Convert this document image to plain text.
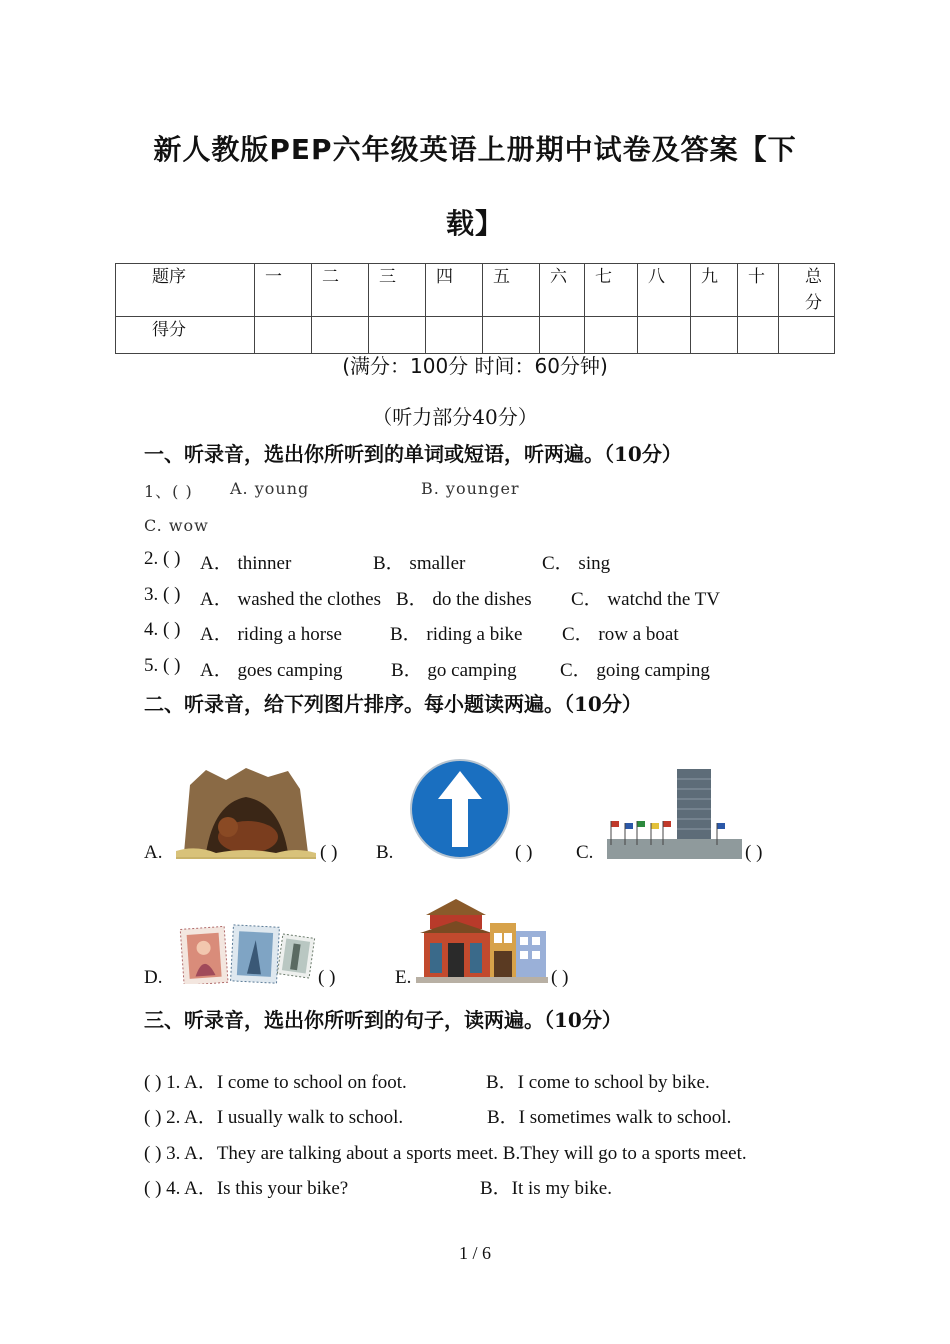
新人教版PEP六年级英语上册期中试卷及答案【下
载】
题序	一	二	三	四	五	六	七	八	九	十	总分
得分											
(满分：100分 时间：60分钟)
（听力部分40分）
一、听录音，选出你所听到的单词或短语，听两遍。（10分）
1、( ) A. young	B. younger
C. wow
2. ( ) A． thinner	B． smaller	C． sing
3. ( ) A． washed the clothes B． do the dishes C． watchd the TV
4. ( ) A． riding a horse	B． riding a bike C． row a boat
5. ( ) A． goes camping	B． go camping C． going camping
二、听录音，给下列图片排序。每小题读两遍。（10分）
A.	( ) B.	( ) C.	( )
D.	( )	E.	( )
三、听录音，选出你所听到的句子，读两遍。（10分）
( ) 1. A．I come to school on foot.	B．I come to school by bike.
( ) 2. A．I usually walk to school.	B．I sometimes walk to school.
( ) 3. A．They are talking about a sports meet. B.They will go to a sports meet.
( ) 4. A．Is this your bike?	B．It is my bike.
1 / 6
